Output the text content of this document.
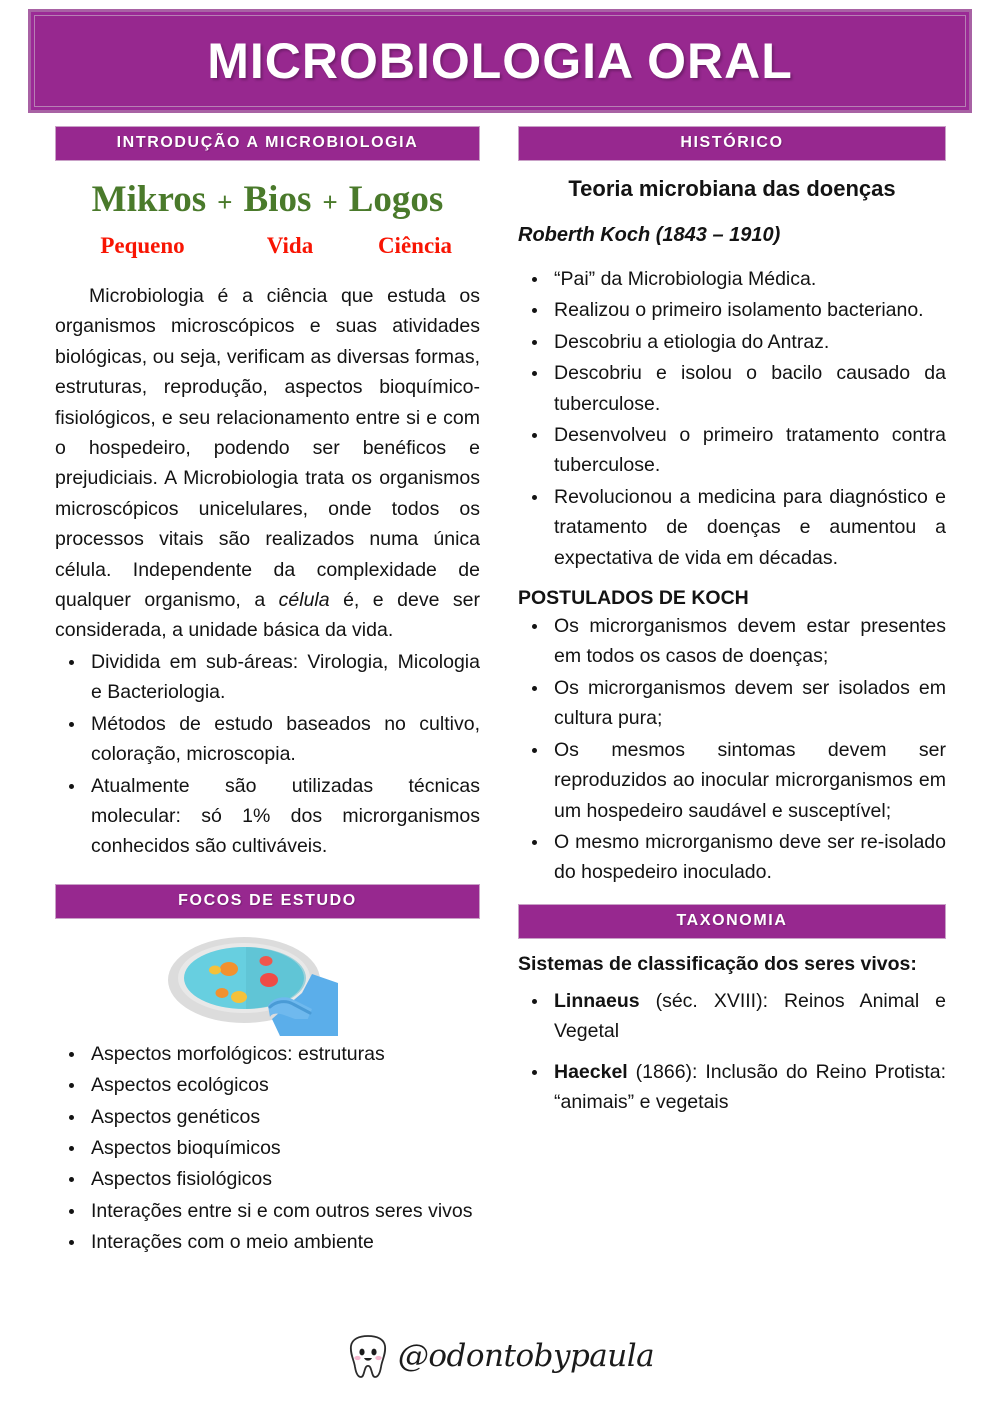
MICROBIOLOGIA ORAL
INTRODUÇÃO A MICROBIOLOGIA
Mikros + Bios + Logos
Pequeno	Vida	Ciência
Microbiologia é a ciência que estuda os organismos microscópicos e suas atividades biológicas, ou seja, verificam as diversas formas, estruturas, reprodução, aspectos bioquímico-fisiológicos, e seu relacionamento entre si e com o hospedeiro, podendo ser benéficos e prejudiciais. A Microbiologia trata os organismos microscópicos unicelulares, onde todos os processos vitais são realizados numa única célula. Independente da complexidade de qualquer organismo, a célula é, e deve ser considerada, a unidade básica da vida.
Dividida em sub-áreas: Virologia, Micologia e Bacteriologia.
Métodos de estudo baseados no cultivo, coloração, microscopia.
Atualmente são utilizadas técnicas molecular: só 1% dos microrganismos conhecidos são cultiváveis.
FOCOS DE ESTUDO
Aspectos morfológicos: estruturas
Aspectos ecológicos
Aspectos genéticos
Aspectos bioquímicos
Aspectos fisiológicos
Interações entre si e com outros seres vivos
Interações com o meio ambiente
HISTÓRICO
Teoria microbiana das doenças
Roberth Koch (1843 – 1910)
“Pai” da Microbiologia Médica.
Realizou o primeiro isolamento bacteriano.
Descobriu a etiologia do Antraz.
Descobriu e isolou o bacilo causado da tuberculose.
Desenvolveu o primeiro tratamento contra tuberculose.
Revolucionou a medicina para diagnóstico e tratamento de doenças e aumentou a expectativa de vida em décadas.
POSTULADOS DE KOCH
Os microrganismos devem estar presentes em todos os casos de doenças;
Os microrganismos devem ser isolados em cultura pura;
Os mesmos sintomas devem ser reproduzidos ao inocular microrganismos em um hospedeiro saudável e susceptível;
O mesmo microrganismo deve ser re-isolado do hospedeiro inoculado.
TAXONOMIA
Sistemas de classificação dos seres vivos:
Linnaeus (séc. XVIII): Reinos Animal e Vegetal
Haeckel (1866): Inclusão do Reino Protista: “animais” e vegetais
@odontobypaula
